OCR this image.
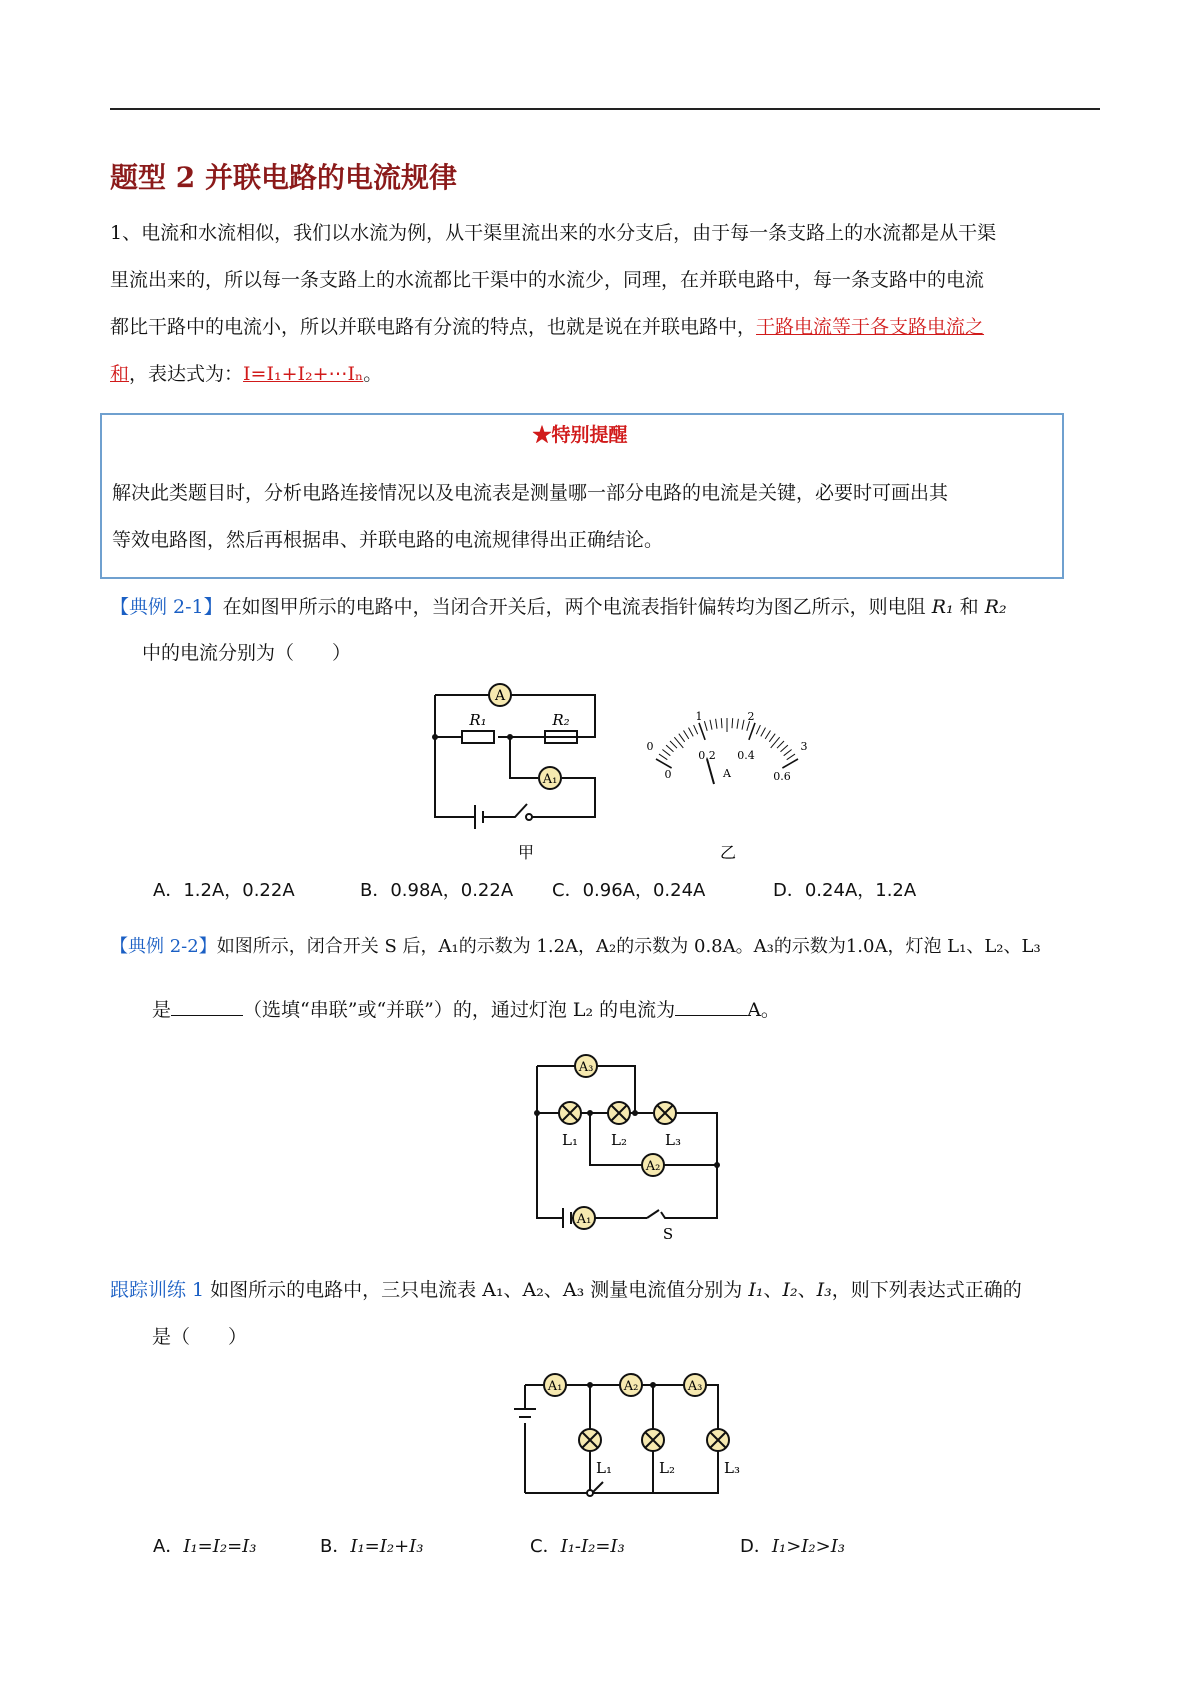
题型 2 并联电路的电流规律

1、电流和水流相似，我们以水流为例，从干渠里流出来的水分支后，由于每一条支路上的水流都是从干渠

里流出来的，所以每一条支路上的水流都比干渠中的水流少，同理，在并联电路中，每一条支路中的电流

都比干路中的电流小，所以并联电路有分流的特点，也就是说在并联电路中，干路电流等于各支路电流之

和，表达式为：I=I₁+I₂+⋯Iₙ。

★特别提醒

解决此类题目时，分析电路连接情况以及电流表是测量哪一部分电路的电流是关键，必要时可画出其

等效电路图，然后再根据串、并联电路的电流规律得出正确结论。

【典例 2-1】在如图甲所示的电路中，当闭合开关后，两个电流表指针偏转均为图乙所示，则电阻 R₁ 和 R₂
中的电流分别为（　　）
A
A₁
R₁	R₂
甲
0
1	2
3
0
0.2 0.4
0.6
A
乙
A．1.2A，0.22A	B．0.98A，0.22A C．0.96A，0.24A	D．0.24A，1.2A
【典例 2-2】如图所示，闭合开关 S 后，A₁的示数为 1.2A，A₂的示数为 0.8A。A₃的示数为1.0A，灯泡 L₁、L₂、L₃
是	（选填“串联”或“并联”）的，通过灯泡 L₂ 的电流为	A。
A₃
A₂
A₁
L₁ L₂	L₃
S
跟踪训练 1 如图所示的电路中，三只电流表 A₁、A₂、A₃ 测量电流值分别为 I₁、I₂、I₃，则下列表达式正确的
是（　　）
A₁	A₂	A₃
L₁	L₂	L₃
A．I₁=I₂=I₃	B．I₁=I₂+I₃	C．I₁-I₂=I₃	D．I₁>I₂>I₃
